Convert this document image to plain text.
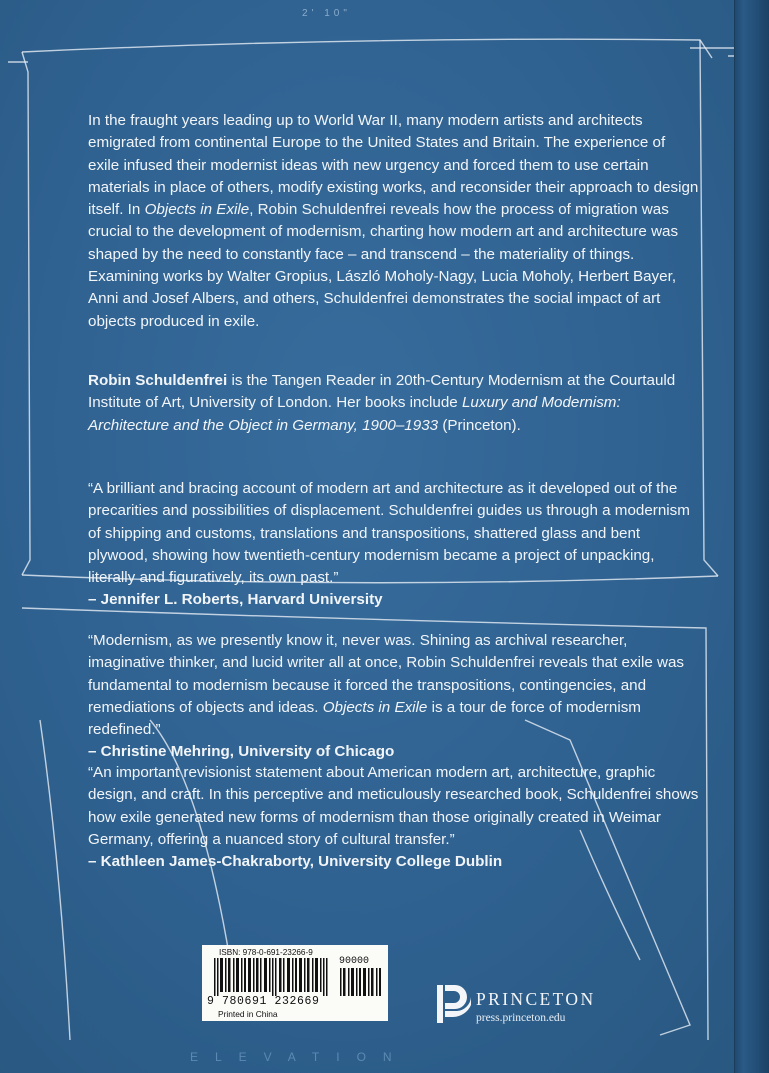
2' 10"

In the fraught years leading up to World War II, many modern artists and architects emigrated from continental Europe to the United States and Britain. The experience of exile infused their modernist ideas with new urgency and forced them to use certain materials in place of others, modify existing works, and reconsider their approach to design itself. In Objects in Exile, Robin Schuldenfrei reveals how the process of migration was crucial to the development of modernism, charting how modern art and architecture was shaped by the need to constantly face – and transcend – the materiality of things. Examining works by Walter Gropius, László Moholy-Nagy, Lucia Moholy, Herbert Bayer, Anni and Josef Albers, and others, Schuldenfrei demonstrates the social impact of art objects produced in exile.

Robin Schuldenfrei is the Tangen Reader in 20th-Century Modernism at the Courtauld Institute of Art, University of London. Her books include Luxury and Modernism: Architecture and the Object in Germany, 1900–1933 (Princeton).

“A brilliant and bracing account of modern art and architecture as it developed out of the precarities and possibilities of displacement. Schuldenfrei guides us through a modernism of shipping and customs, translations and transpositions, shattered glass and bent plywood, showing how twentieth-century modernism became a project of unpacking, literally and figuratively, its own past.”
– Jennifer L. Roberts, Harvard University

“Modernism, as we presently know it, never was. Shining as archival researcher, imaginative thinker, and lucid writer all at once, Robin Schuldenfrei reveals that exile was fundamental to modernism because it forced the transpositions, contingencies, and remediations of objects and ideas. Objects in Exile is a tour de force of modernism redefined.”
– Christine Mehring, University of Chicago

“An important revisionist statement about American modern art, architecture, graphic design, and craft. In this perceptive and meticulously researched book, Schuldenfrei shows how exile generated new forms of modernism than those originally created in Weimar Germany, offering a nuanced story of cultural transfer.”
– Kathleen James-Chakraborty, University College Dublin

ISBN: 978-0-691-23266-9
90000
9 780691 232669
Printed in China
PRINCETON
press.princeton.edu
ELEVATION
